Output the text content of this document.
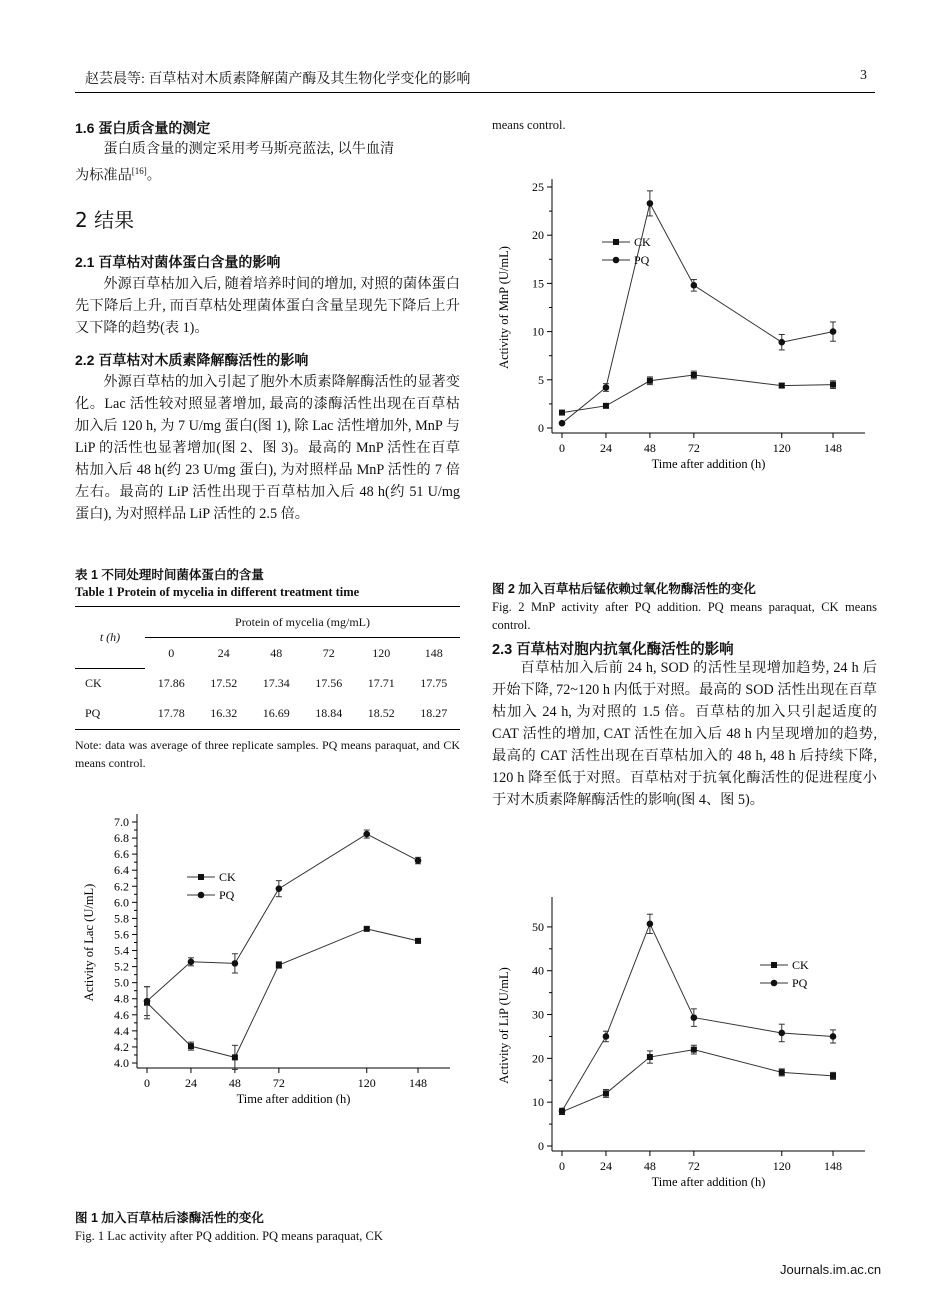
赵芸晨等: 百草枯对木质素降解菌产酶及其生物化学变化的影响	3
1.6 蛋白质含量的测定
蛋白质含量的测定采用考马斯亮蓝法, 以牛血清
为标准品[16]。
2 结果
2.1 百草枯对菌体蛋白含量的影响
外源百草枯加入后, 随着培养时间的增加, 对照的菌体蛋白先下降后上升, 而百草枯处理菌体蛋白含量呈现先下降后上升又下降的趋势(表 1)。
2.2 百草枯对木质素降解酶活性的影响
外源百草枯的加入引起了胞外木质素降解酶活性的显著变化。Lac 活性较对照显著增加, 最高的漆酶活性出现在百草枯加入后 120 h, 为 7 U/mg 蛋白(图 1), 除 Lac 活性增加外, MnP 与 LiP 的活性也显著增加(图 2、图 3)。最高的 MnP 活性在百草枯加入后 48 h(约 23 U/mg 蛋白), 为对照样品 MnP 活性的 7 倍左右。最高的 LiP 活性出现于百草枯加入后 48 h(约 51 U/mg 蛋白), 为对照样品 LiP 活性的 2.5 倍。
表 1 不同处理时间菌体蛋白的含量
Table 1 Protein of mycelia in different treatment time
t (h)	Protein of mycelia (mg/mL)					
	0	24	48	72	120	148
CK	17.86	17.52	17.34	17.56	17.71	17.75
PQ	17.78	16.32	16.69	18.84	18.52	18.27
Note: data was average of three replicate samples. PQ means paraquat, and CK means control.
4.0
4.2
4.4
4.6
4.8
5.0
5.2
5.4
5.6
5.8
6.0
6.2
6.4
6.6
6.8
7.0
0	24	48	72	120	148
Time after addition (h)
Activity of Lac (U/mL)
CK
PQ
图 1 加入百草枯后漆酶活性的变化
Fig. 1 Lac activity after PQ addition. PQ means paraquat, CK
means control.
0
5
10
15
20
25
0	24	48	72	120	148
Time after addition (h)
Activity of MnP (U/mL)
CK
PQ
图 2 加入百草枯后锰依赖过氧化物酶活性的变化
Fig. 2 MnP activity after PQ addition. PQ means paraquat, CK means control.
2.3 百草枯对胞内抗氧化酶活性的影响
百草枯加入后前 24 h, SOD 的活性呈现增加趋势, 24 h 后开始下降, 72~120 h 内低于对照。最高的 SOD 活性出现在百草枯加入 24 h, 为对照的 1.5 倍。百草枯的加入只引起适度的 CAT 活性的增加, CAT 活性在加入后 48 h 内呈现增加的趋势, 最高的 CAT 活性出现在百草枯加入的 48 h, 48 h 后持续下降, 120 h 降至低于对照。百草枯对于抗氧化酶活性的促进程度小于对木质素降解酶活性的影响(图 4、图 5)。
0
10
20
30
40
50
0	24	48	72	120	148
Time after addition (h)
Activity of LiP (U/mL)
CK
PQ
Journals.im.ac.cn
